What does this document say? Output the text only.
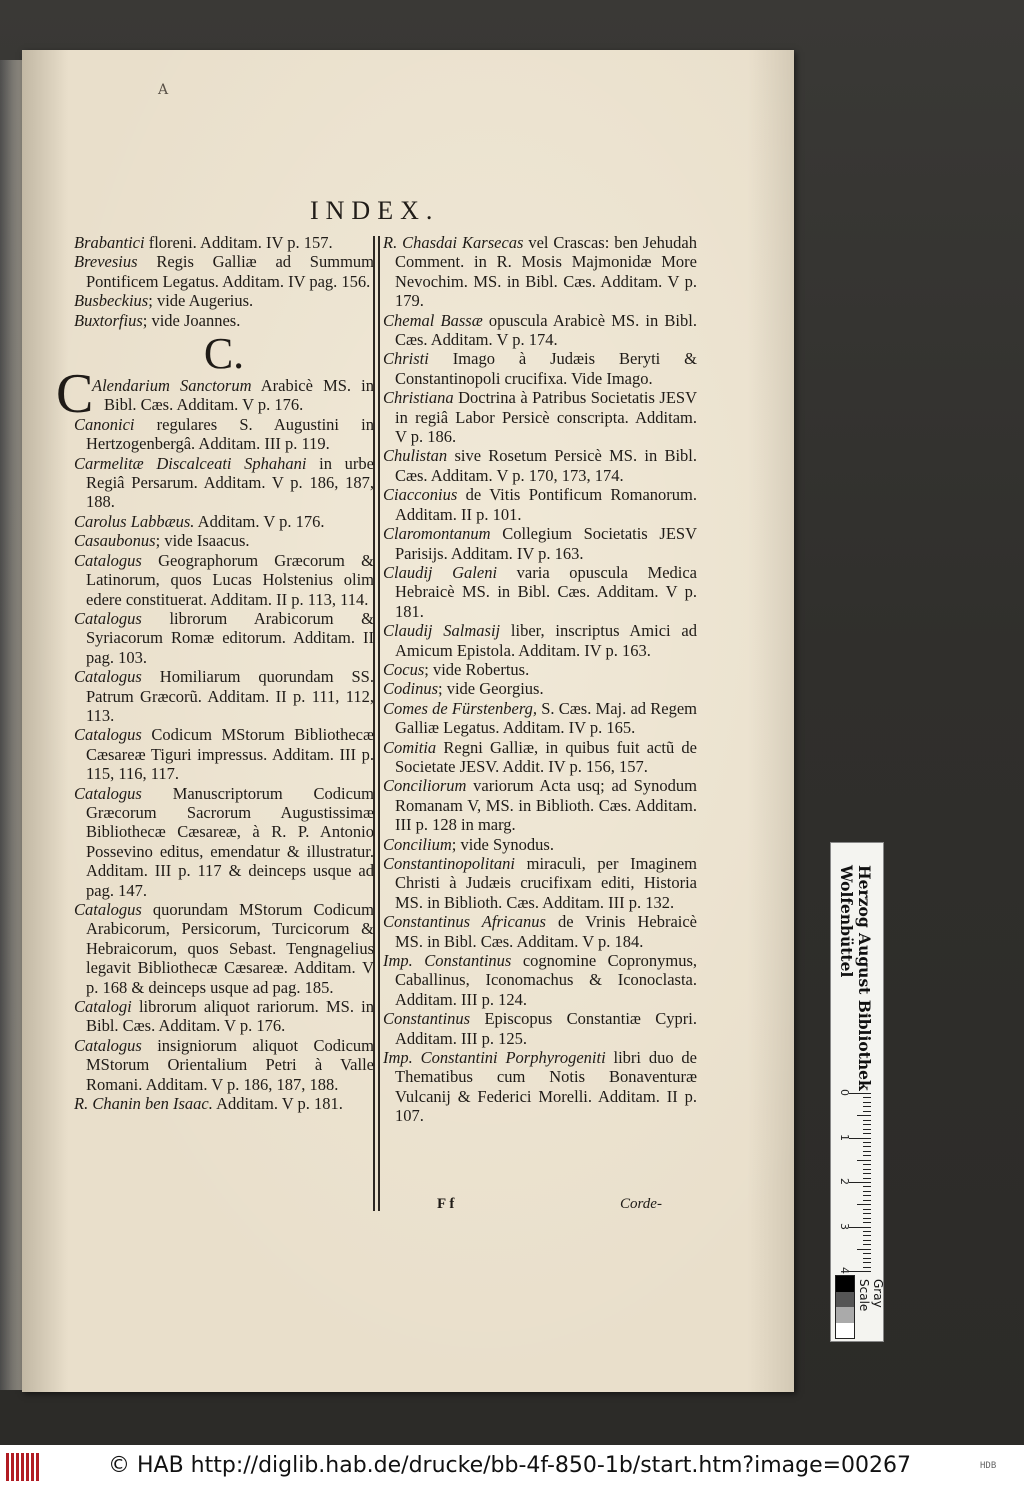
A
INDEX.

Brabantici floreni. Additam. IV p. 157.

Brevesius Regis Galliæ ad Summum Pontificem Legatus. Additam. IV pag. 156.

Busbeckius; vide Augerius.

Buxtorfius; vide Joannes.

C.

C
Alendarium Sanctorum Arabicè MS. in Bibl. Cæs. Additam. V p. 176.

Canonici regulares S. Augustini in Hertzogenbergâ. Additam. III p. 119.

Carmelitæ Discalceati Sphahani in urbe Regiâ Persarum. Additam. V p. 186, 187, 188.

Carolus Labbæus. Additam. V p. 176.

Casaubonus; vide Isaacus.

Catalogus Geographorum Græcorum & Latinorum, quos Lucas Holstenius olim edere constituerat. Additam. II p. 113, 114.

Catalogus librorum Arabicorum & Syriacorum Romæ editorum. Additam. II pag. 103.

Catalogus Homiliarum quorundam SS. Patrum Græcorũ. Additam. II p. 111, 112, 113.

Catalogus Codicum MStorum Bibliothecæ Cæsareæ Tiguri impressus. Additam. III p. 115, 116, 117.

Catalogus Manuscriptorum Codicum Græcorum Sacrorum Augustissimæ Bibliothecæ Cæsareæ, à R. P. Antonio Possevino editus, emendatur & illustratur. Additam. III p. 117 & deinceps usque ad pag. 147.

Catalogus quorundam MStorum Codicum Arabicorum, Persicorum, Turcicorum & Hebraicorum, quos Sebast. Tengnagelius legavit Bibliothecæ Cæsareæ. Additam. V p. 168 & deinceps usque ad pag. 185.

Catalogi librorum aliquot rariorum. MS. in Bibl. Cæs. Additam. V p. 176.

Catalogus insigniorum aliquot Codicum MStorum Orientalium Petri à Valle Romani. Additam. V p. 186, 187, 188.

R. Chanin ben Isaac. Additam. V p. 181.

R. Chasdai Karsecas vel Crascas: ben Jehudah Comment. in R. Mosis Majmonidæ More Nevochim. MS. in Bibl. Cæs. Additam. V p. 179.

Chemal Bassæ opuscula Arabicè MS. in Bibl. Cæs. Additam. V p. 174.

Christi Imago à Judæis Beryti & Constantinopoli crucifixa. Vide Imago.

Christiana Doctrina à Patribus Societatis JESV in regiâ Labor Persicè conscripta. Additam. V p. 186.

Chulistan sive Rosetum Persicè MS. in Bibl. Cæs. Additam. V p. 170, 173, 174.

Ciacconius de Vitis Pontificum Romanorum. Additam. II p. 101.

Claromontanum Collegium Societatis JESV Parisijs. Additam. IV p. 163.

Claudij Galeni varia opuscula Medica Hebraicè MS. in Bibl. Cæs. Additam. V p. 181.

Claudij Salmasij liber, inscriptus Amici ad Amicum Epistola. Additam. IV p. 163.

Cocus; vide Robertus.

Codinus; vide Georgius.

Comes de Fürstenberg, S. Cæs. Maj. ad Regem Galliæ Legatus. Additam. IV p. 165.

Comitia Regni Galliæ, in quibus fuit actũ de Societate JESV. Addit. IV p. 156, 157.

Conciliorum variorum Acta usq; ad Synodum Romanam V, MS. in Biblioth. Cæs. Additam. III p. 128 in marg.

Concilium; vide Synodus.

Constantinopolitani miraculi, per Imaginem Christi à Judæis crucifixam editi, Historia MS. in Biblioth. Cæs. Additam. III p. 132.

Constantinus Africanus de Vrinis Hebraicè MS. in Bibl. Cæs. Additam. V p. 184.

Imp. Constantinus cognomine Copronymus, Caballinus, Iconomachus & Iconoclasta. Additam. III p. 124.

Constantinus Episcopus Constantiæ Cypri. Additam. III p. 125.

Imp. Constantini Porphyrogeniti libri duo de Thematibus cum Notis Bonaventuræ Vulcanij & Federici Morelli. Additam. II p. 107.

F f	Corde-
Herzog August Bibliothek
Wolfenbüttel
0
1
2
3
4
Gray Scale
© HAB http://diglib.hab.de/drucke/bb-4f-850-1b/start.htm?image=00267	HDB
